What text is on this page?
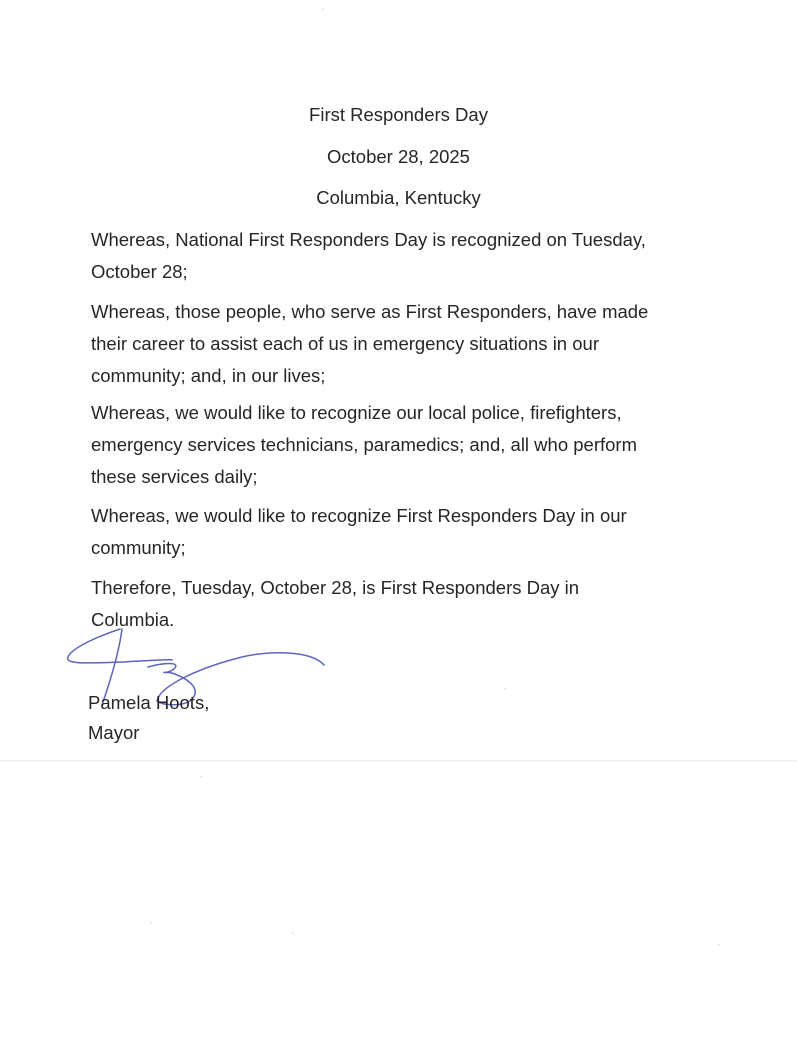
First Responders Day
October 28, 2025
Columbia, Kentucky
Whereas, National First Responders Day is recognized on Tuesday,
October 28;
Whereas, those people, who serve as First Responders, have made
their career to assist each of us in emergency situations in our
community; and, in our lives;
Whereas, we would like to recognize our local police, firefighters,
emergency services technicians, paramedics; and, all who perform
these services daily;
Whereas, we would like to recognize First Responders Day in our
community;
Therefore, Tuesday, October 28, is First Responders Day in
Columbia.
Pamela Hoots,
Mayor
